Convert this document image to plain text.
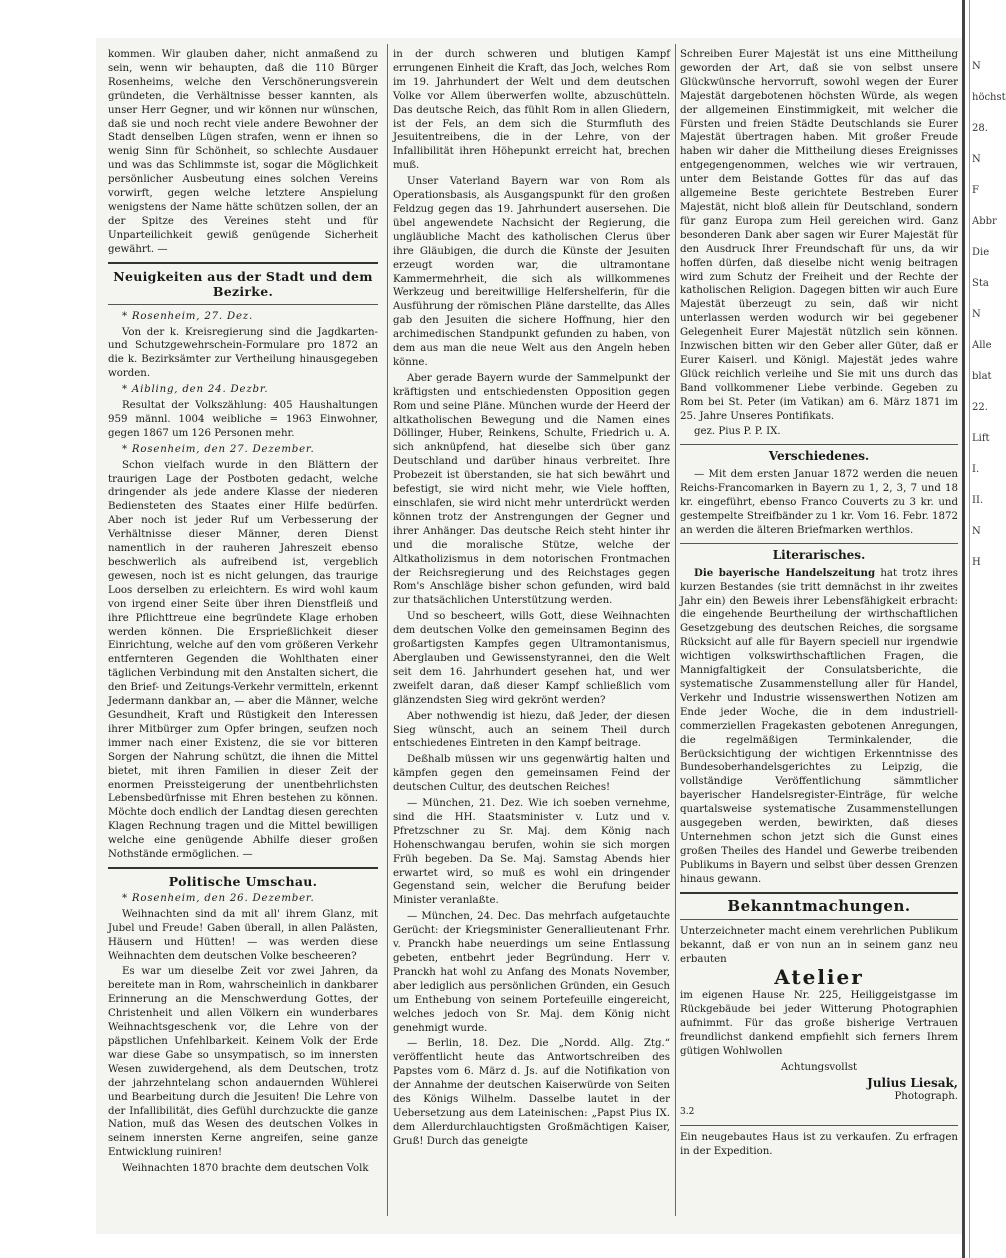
kommen. Wir glauben daher, nicht anmaßend zu sein, wenn wir behaupten, daß die 110 Bürger Rosenheims, welche den Verschönerungsverein gründeten, die Verhältnisse besser kannten, als unser Herr Gegner, und wir können nur wünschen, daß sie und noch recht viele andere Bewohner der Stadt denselben Lügen strafen, wenn er ihnen so wenig Sinn für Schönheit, so schlechte Ausdauer und was das Schlimmste ist, sogar die Möglichkeit persönlicher Ausbeutung eines solchen Vereins vorwirft, gegen welche letztere Anspielung wenigstens der Name hätte schützen sollen, der an der Spitze des Vereines steht und für Unparteilichkeit gewiß genügende Sicherheit gewährt. —

Neuigkeiten aus der Stadt und dem Bezirke.

* Rosenheim, 27. Dez.

Von der k. Kreisregierung sind die Jagdkarten- und Schutzgewehrschein-Formulare pro 1872 an die k. Bezirksämter zur Vertheilung hinausgegeben worden.

* Aibling, den 24. Dezbr.

Resultat der Volkszählung: 405 Haushaltungen 959 männl. 1004 weibliche = 1963 Einwohner, gegen 1867 um 126 Personen mehr.

* Rosenheim, den 27. Dezember.

Schon vielfach wurde in den Blättern der traurigen Lage der Postboten gedacht, welche dringender als jede andere Klasse der niederen Bediensteten des Staates einer Hilfe bedürfen. Aber noch ist jeder Ruf um Verbesserung der Verhältnisse dieser Männer, deren Dienst namentlich in der rauheren Jahreszeit ebenso beschwerlich als aufreibend ist, vergeblich gewesen, noch ist es nicht gelungen, das traurige Loos derselben zu erleichtern. Es wird wohl kaum von irgend einer Seite über ihren Dienstfleiß und ihre Pflichttreue eine begründete Klage erhoben werden können. Die Ersprießlichkeit dieser Einrichtung, welche auf den vom größeren Verkehr entfernteren Gegenden die Wohlthaten einer täglichen Verbindung mit den Anstalten sichert, die den Brief- und Zeitungs-Verkehr vermitteln, erkennt Jedermann dankbar an, — aber die Männer, welche Gesundheit, Kraft und Rüstigkeit den Interessen ihrer Mitbürger zum Opfer bringen, seufzen noch immer nach einer Existenz, die sie vor bitteren Sorgen der Nahrung schützt, die ihnen die Mittel bietet, mit ihren Familien in dieser Zeit der enormen Preissteigerung der unentbehrlichsten Lebensbedürfnisse mit Ehren bestehen zu können. Möchte doch endlich der Landtag diesen gerechten Klagen Rechnung tragen und die Mittel bewilligen welche eine genügende Abhilfe dieser großen Nothstände ermöglichen. —

Politische Umschau.

* Rosenheim, den 26. Dezember.

Weihnachten sind da mit all' ihrem Glanz, mit Jubel und Freude! Gaben überall, in allen Palästen, Häusern und Hütten! — was werden diese Weihnachten dem deutschen Volke bescheeren?

Es war um dieselbe Zeit vor zwei Jahren, da bereitete man in Rom, wahrscheinlich in dankbarer Erinnerung an die Menschwerdung Gottes, der Christenheit und allen Völkern ein wunderbares Weihnachtsgeschenk vor, die Lehre von der päpstlichen Unfehlbarkeit. Keinem Volk der Erde war diese Gabe so unsympatisch, so im innersten Wesen zuwidergehend, als dem Deutschen, trotz der jahrzehntelang schon andauernden Wühlerei und Bearbeitung durch die Jesuiten! Die Lehre von der Infallibilität, dies Gefühl durchzuckte die ganze Nation, muß das Wesen des deutschen Volkes in seinem innersten Kerne angreifen, seine ganze Entwicklung ruiniren!

Weihnachten 1870 brachte dem deutschen Volk

in der durch schweren und blutigen Kampf errungenen Einheit die Kraft, das Joch, welches Rom im 19. Jahrhundert der Welt und dem deutschen Volke vor Allem überwerfen wollte, abzuschütteln. Das deutsche Reich, das fühlt Rom in allen Gliedern, ist der Fels, an dem sich die Sturmfluth des Jesuitentreibens, die in der Lehre, von der Infallibilität ihren Höhepunkt erreicht hat, brechen muß.

Unser Vaterland Bayern war von Rom als Operationsbasis, als Ausgangspunkt für den großen Feldzug gegen das 19. Jahrhundert ausersehen. Die übel angewendete Nachsicht der Regierung, die ungläubliche Macht des katholischen Clerus über ihre Gläubigen, die durch die Künste der Jesuiten erzeugt worden war, die ultramontane Kammermehrheit, die sich als willkommenes Werkzeug und bereitwillige Helfershelferin, für die Ausführung der römischen Pläne darstellte, das Alles gab den Jesuiten die sichere Hoffnung, hier den archimedischen Standpunkt gefunden zu haben, von dem aus man die neue Welt aus den Angeln heben könne.

Aber gerade Bayern wurde der Sammelpunkt der kräftigsten und entschiedensten Opposition gegen Rom und seine Pläne. München wurde der Heerd der altkatholischen Bewegung und die Namen eines Döllinger, Huber, Reinkens, Schulte, Friedrich u. A. sich anknüpfend, hat dieselbe sich über ganz Deutschland und darüber hinaus verbreitet. Ihre Probezeit ist überstanden, sie hat sich bewährt und befestigt, sie wird nicht mehr, wie Viele hofften, einschlafen, sie wird nicht mehr unterdrückt werden können trotz der Anstrengungen der Gegner und ihrer Anhänger. Das deutsche Reich steht hinter ihr und die moralische Stütze, welche der Altkatholizismus in dem notorischen Frontmachen der Reichsregierung und des Reichstages gegen Rom's Anschläge bisher schon gefunden, wird bald zur thatsächlichen Unterstützung werden.

Und so bescheert, wills Gott, diese Weihnachten dem deutschen Volke den gemeinsamen Beginn des großartigsten Kampfes gegen Ultramontanismus, Aberglauben und Gewissenstyrannei, den die Welt seit dem 16. Jahrhundert gesehen hat, und wer zweifelt daran, daß dieser Kampf schließlich vom glänzendsten Sieg wird gekrönt werden?

Aber nothwendig ist hiezu, daß Jeder, der diesen Sieg wünscht, auch an seinem Theil durch entschiedenes Eintreten in den Kampf beitrage.

Deßhalb müssen wir uns gegenwärtig halten und kämpfen gegen den gemeinsamen Feind der deutschen Cultur, des deutschen Reiches!

— München, 21. Dez. Wie ich soeben vernehme, sind die HH. Staatsminister v. Lutz und v. Pfretzschner zu Sr. Maj. dem König nach Hohenschwangau berufen, wohin sie sich morgen Früh begeben. Da Se. Maj. Samstag Abends hier erwartet wird, so muß es wohl ein dringender Gegenstand sein, welcher die Berufung beider Minister veranlaßte.

— München, 24. Dec. Das mehrfach aufgetauchte Gerücht: der Kriegsminister Generallieutenant Frhr. v. Pranckh habe neuerdings um seine Entlassung gebeten, entbehrt jeder Begründung. Herr v. Pranckh hat wohl zu Anfang des Monats November, aber lediglich aus persönlichen Gründen, ein Gesuch um Enthebung von seinem Portefeuille eingereicht, welches jedoch von Sr. Maj. dem König nicht genehmigt wurde.

— Berlin, 18. Dez. Die „Nordd. Allg. Ztg.“ veröffentlicht heute das Antwortschreiben des Papstes vom 6. März d. Js. auf die Notifikation von der Annahme der deutschen Kaiserwürde von Seiten des Königs Wilhelm. Dasselbe lautet in der Uebersetzung aus dem Lateinischen: „Papst Pius IX. dem Allerdurchlauchtigsten Großmächtigen Kaiser, Gruß! Durch das geneigte

Schreiben Eurer Majestät ist uns eine Mittheilung geworden der Art, daß sie von selbst unsere Glückwünsche hervorruft, sowohl wegen der Eurer Majestät dargebotenen höchsten Würde, als wegen der allgemeinen Einstimmigkeit, mit welcher die Fürsten und freien Städte Deutschlands sie Eurer Majestät übertragen haben. Mit großer Freude haben wir daher die Mittheilung dieses Ereignisses entgegengenommen, welches wie wir vertrauen, unter dem Beistande Gottes für das auf das allgemeine Beste gerichtete Bestreben Eurer Majestät, nicht bloß allein für Deutschland, sondern für ganz Europa zum Heil gereichen wird. Ganz besonderen Dank aber sagen wir Eurer Majestät für den Ausdruck Ihrer Freundschaft für uns, da wir hoffen dürfen, daß dieselbe nicht wenig beitragen wird zum Schutz der Freiheit und der Rechte der katholischen Religion. Dagegen bitten wir auch Eure Majestät überzeugt zu sein, daß wir nicht unterlassen werden wodurch wir bei gegebener Gelegenheit Eurer Majestät nützlich sein können. Inzwischen bitten wir den Geber aller Güter, daß er Eurer Kaiserl. und Königl. Majestät jedes wahre Glück reichlich verleihe und Sie mit uns durch das Band vollkommener Liebe verbinde. Gegeben zu Rom bei St. Peter (im Vatikan) am 6. März 1871 im 25. Jahre Unseres Pontifikats.

gez. Pius P. P. IX.

Verschiedenes.

— Mit dem ersten Januar 1872 werden die neuen Reichs-Francomarken in Bayern zu 1, 2, 3, 7 und 18 kr. eingeführt, ebenso Franco Couverts zu 3 kr. und gestempelte Streifbänder zu 1 kr. Vom 16. Febr. 1872 an werden die älteren Briefmarken werthlos.

Literarisches.

Die bayerische Handelszeitung hat trotz ihres kurzen Bestandes (sie tritt demnächst in ihr zweites Jahr ein) den Beweis ihrer Lebensfähigkeit erbracht: die eingehende Beurtheilung der wirthschaftlichen Gesetzgebung des deutschen Reiches, die sorgsame Rücksicht auf alle für Bayern speciell nur irgendwie wichtigen volkswirthschaftlichen Fragen, die Mannigfaltigkeit der Consulatsberichte, die systematische Zusammenstellung aller für Handel, Verkehr und Industrie wissenswerthen Notizen am Ende jeder Woche, die in dem industriell-commerziellen Fragekasten gebotenen Anregungen, die regelmäßigen Terminkalender, die Berücksichtigung der wichtigen Erkenntnisse des Bundesoberhandelsgerichtes zu Leipzig, die vollständige Veröffentlichung sämmtlicher bayerischer Handelsregister-Einträge, für welche quartalsweise systematische Zusammenstellungen ausgegeben werden, bewirkten, daß dieses Unternehmen schon jetzt sich die Gunst eines großen Theiles des Handel und Gewerbe treibenden Publikums in Bayern und selbst über dessen Grenzen hinaus gewann.

Bekanntmachungen.

Unterzeichneter macht einem verehrlichen Publikum bekannt, daß er von nun an in seinem ganz neu erbauten

Atelier

im eigenen Hause Nr. 225, Heiliggeistgasse im Rückgebäude bei jeder Witterung Photographien aufnimmt. Für das große bisherige Vertrauen freundlichst dankend empfiehlt sich ferners Ihrem gütigen Wohlwollen

Achtungsvollst

Julius Liesak,

Photograph.

3.2

Ein neugebautes Haus ist zu verkaufen. Zu erfragen in der Expedition.

N
höchst
28.
N
F
Abbr
Die
Sta
N
Alle
blat
22.
Lift
I.
II.
N
H
